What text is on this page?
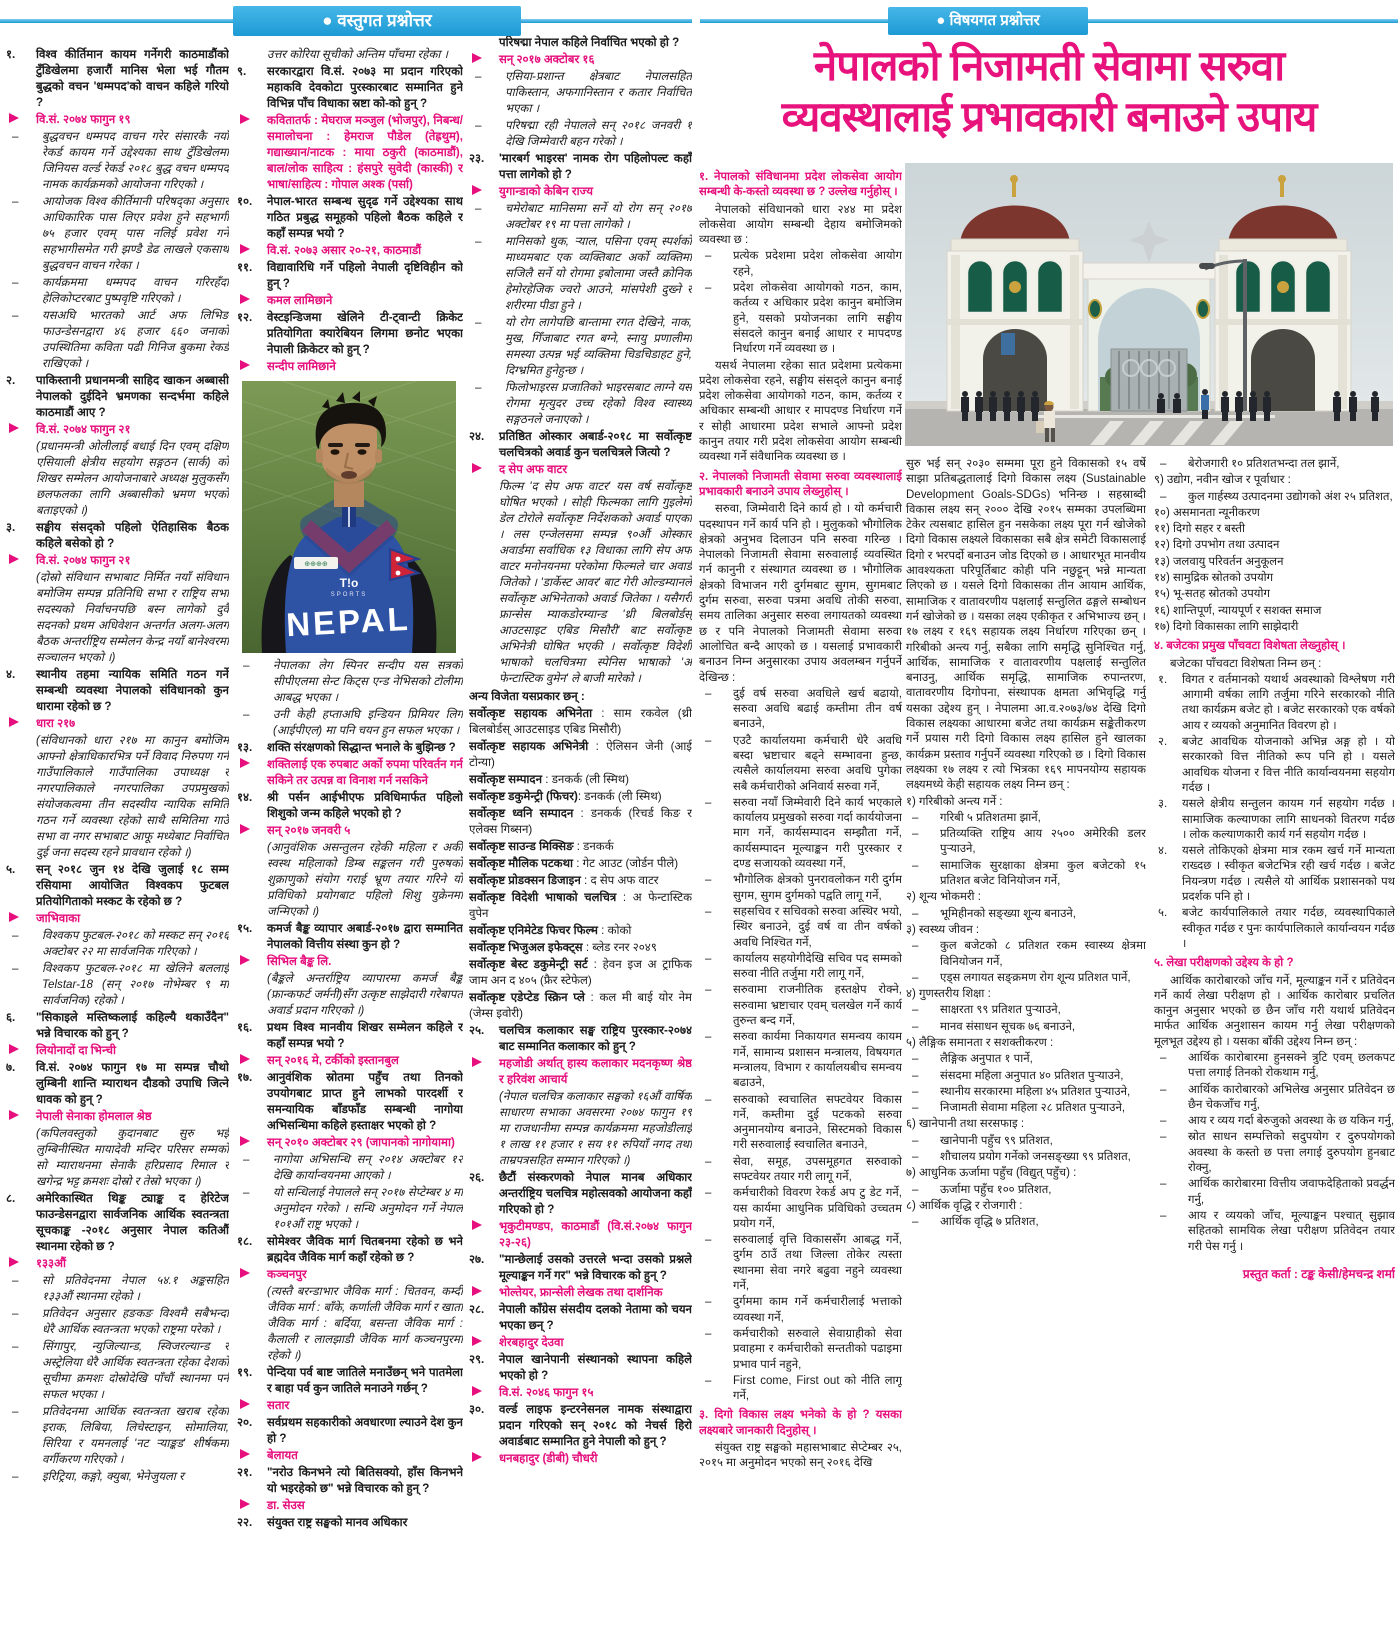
● वस्तुगत प्रश्नोत्तर
१.	विश्व कीर्तिमान कायम गर्नेगरी काठमाडौंको टुँडिखेलमा हजारौं मानिस भेला भई गौतम बुद्धको वचन 'धम्मपद'को वाचन कहिले गरियो ?
वि.सं. २०७४ फागुन १९
–	बुद्धवचन धम्मपद वाचन गरेर संसारकै नयाँ रेकर्ड कायम गर्ने उद्देश्यका साथ टुँडिखेलमा जिनियस वर्ल्ड रेकर्ड २०१८ बुद्ध वचन धम्मपद नामक कार्यक्रमको आयोजना गरिएको ।
–	आयोजक विश्व कीर्तिमानी परिषद्का अनुसार आधिकारिक पास लिएर प्रवेश हुने सहभागी ७५ हजार एवम् पास नलिई प्रवेश गर्ने सहभागीसमेत गरी झण्डै डेढ लाखले एकसाथ बुद्धवचन वाचन गरेका ।
–	कार्यक्रममा धम्मपद वाचन गरिरहँदा हेलिकोप्टरबाट पुष्पवृष्टि गरिएको ।
–	यसअघि भारतको आर्ट अफ लिभिङ फाउन्डेसनद्वारा ४६ हजार ६६० जनाको उपस्थितिमा कविता पढी गिनिज बुकमा रेकर्ड राखिएको ।
२.	पाकिस्तानी प्रधानमन्त्री साहिद खाकन अब्बासी नेपालको दुईदिने भ्रमणका सन्दर्भमा कहिले काठमाडौं आए ?
वि.सं. २०७४ फागुन २१
(प्रधानमन्त्री ओलीलाई बधाई दिन एवम् दक्षिण एसियाली क्षेत्रीय सहयोग सङ्गठन (सार्क) को शिखर सम्मेलन आयोजनाबारे अध्यक्ष मुलुकसँग छलफलका लागि अब्बासीको भ्रमण भएको बताइएको ।)
३.	सङ्घीय संसद्को पहिलो ऐतिहासिक बैठक कहिले बसेको हो ?
वि.सं. २०७४ फागुन २१
(दोस्रो संविधान सभाबाट निर्मित नयाँ संविधान बमोजिम सम्पन्न प्रतिनिधि सभा र राष्ट्रिय सभा सदस्यको निर्वाचनपछि बस्न लागेको दुवै सदनको प्रथम अधिवेशन अन्तर्गत अलग-अलग बैठक अन्तर्राष्ट्रिय सम्मेलन केन्द्र नयाँ बानेश्वरमा सञ्चालन भएको ।)
४.	स्थानीय तहमा न्यायिक समिति गठन गर्ने सम्बन्धी व्यवस्था नेपालको संविधानको कुन धारामा रहेको छ ?
धारा २१७
(संविधानको धारा २१७ मा कानुन बमोजिम आफ्नो क्षेत्राधिकारभित्र पर्ने विवाद निरुपण गर्न गाउँपालिकाले गाउँपालिका उपाध्यक्ष र नगरपालिकाले नगरपालिका उपप्रमुखको संयोजकत्वमा तीन सदस्यीय न्यायिक समिति गठन गर्ने व्यवस्था रहेको साथै समितिमा गाउँ सभा वा नगर सभाबाट आफू मध्येबाट निर्वाचित दुई जना सदस्य रहने प्रावधान रहेको ।)
५.	सन् २०१८ जुन १४ देखि जुलाई १८ सम्म रसियामा आयोजित विश्वकप फुटबल प्रतियोगिताको मस्कट के रहेको छ ?
जाभिवाका
–	विश्वकप फुटबल-२०१८ को मस्कट सन् २०१६ अक्टोबर २२ मा सार्वजनिक गरिएको ।
–	विश्वकप फुटबल-२०१८ मा खेलिने बललाई Telstar-18 (सन् २०१७ नोभेम्बर ९ मा सार्वजनिक) रहेको ।
६.	"सिकाइले मस्तिष्कलाई कहिल्यै थकाउँदैन" भन्ने विचारक को हुन् ?
लियोनादों दा भिन्ची
७.	वि.सं. २०७४ फागुन १७ मा सम्पन्न चौथो लुम्बिनी शान्ति म्याराथन दौडको उपाधि जित्ने धावक को हुन् ?
नेपाली सेनाका होमलाल श्रेष्ठ
(कपिलवस्तुको कुदानबाट सुरु भई लुम्बिनीस्थित मायादेवी मन्दिर परिसर सम्मको सो म्याराथनमा सेनाकै हरिप्रसाद रिमाल र खगेन्द्र भट्ट क्रमशः दोस्रो र तेस्रो भएका ।)
८.	अमेरिकास्थित थिङ्क ट्याङ्क द हेरिटेज फाउन्डेसनद्वारा सार्वजनिक आर्थिक स्वतन्त्रता सूचकाङ्क -२०१८ अनुसार नेपाल कतिऔं स्थानमा रहेको छ ?
१३३औं
–	सो प्रतिवेदनमा नेपाल ५४.१ अङ्कसहित १३३औं स्थानमा रहेको ।
–	प्रतिवेदन अनुसार हङकङ विश्वमै सबैभन्दा धेरै आर्थिक स्वतन्त्रता भएको राष्ट्रमा परेको ।
–	सिंगापुर, न्युजिल्यान्ड, स्विजरल्यान्ड र अस्ट्रेलिया धेरै आर्थिक स्वतन्त्रता रहेका देशको सूचीमा क्रमशः दोस्रोदेखि पाँचौं स्थानमा पर्न सफल भएका ।
–	प्रतिवेदनमा आर्थिक स्वतन्त्रता खराब रहेका इराक, लिबिया, लिचेस्टाइन, सोमालिया, सिरिया र यमनलाई 'नट र्‍याङ्कड' शीर्षकमा वर्गीकरण गरिएको ।
–	इरिट्रिया, कङ्गो, क्युबा, भेनेजुयला र
उत्तर कोरिया सूचीको अन्तिम पाँचमा रहेका ।
९.	सरकारद्वारा वि.सं. २०७३ मा प्रदान गरिएको महाकवि देवकोटा पुरस्कारबाट सम्मानित हुने विभिन्न पाँच विधाका स्रष्टा को-को हुन् ?
कवितातर्फ : मेघराज मञ्जुल (भोजपुर), निबन्ध/समालोचना : हेमराज पौडेल (तेह्रथुम), गद्याख्यान/नाटक : माया ठकुरी (काठमाडौं), बाल/लोक साहित्य : हंसपुरे सुवेदी (कास्की) र भाषा/साहित्य : गोपाल अश्क (पर्सा)
१०.	नेपाल-भारत सम्बन्ध सुदृढ गर्ने उद्देश्यका साथ गठित प्रबुद्ध समूहको पहिलो बैठक कहिले र कहाँ सम्पन्न भयो ?
वि.सं. २०७३ असार २०-२१, काठमाडौं
११.	विद्यावारिधि गर्ने पहिलो नेपाली दृष्टिविहीन को हुन् ?
कमल लामिछाने
१२.	वेस्टइन्डिजमा खेलिने टी-ट्वान्टी क्रिकेट प्रतियोगिता क्यारेबियन लिगमा छनोट भएका नेपाली क्रिकेटर को हुन् ?
सन्दीप लामिछाने
⊕⊕⊕⊕
T!o
SPORTS
NEPAL
–	नेपालका लेग स्पिनर सन्दीप यस सत्रको सीपीएलमा सेन्ट किट्स एन्ड नेभिसको टोलीमा आबद्ध भएका ।
–	उनी केही हप्ताअघि इन्डियन प्रिमियर लिग (आईपीएल) मा पनि चयन हुन सफल भएका ।
१३.	शक्ति संरक्षणको सिद्धान्त भनाले के बुझिन्छ ?
शक्तिलाई एक रुपबाट अर्को रुपमा परिवर्तन गर्न सकिने तर उत्पन्न वा विनाश गर्न नसकिने
१४.	श्री पर्सन आईभीएफ प्रविधिमार्फत पहिलो शिशुको जन्म कहिले भएको हो ?
सन् २०१७ जनवरी ५
(आनुवंशिक असन्तुलन रहेकी महिला र अर्की स्वस्थ महिलाको डिम्ब सङ्कलन गरी पुरुषको शुक्राणुको संयोग गराई भ्रूण तयार गरिने यो प्रविधिको प्रयोगबाट पहिलो शिशु युक्रेनमा जन्मिएको ।)
१५.	कमर्ज बैङ्क व्यापार अबार्ड-२०१७ द्वारा सम्मानित नेपालको वित्तीय संस्था कुन हो ?
सिभिल बैङ्क लि.
(बैङ्कले अन्तर्राष्ट्रिय व्यापारमा कमर्ज बैङ्क (फ्रान्कफर्ट जर्मनी)सँग उत्कृष्ट साझेदारी गरेबापत अवार्ड प्रदान गरिएको ।)
१६.	प्रथम विश्व मानवीय शिखर सम्मेलन कहिले र कहाँ सम्पन्न भयो ?
सन् २०१६ मे, टर्कीको इस्तानबुल
१७.	आनुवंशिक स्रोतमा पहुँच तथा तिनको उपयोगबाट प्राप्त हुने लाभको पारदर्शी र समन्यायिक बाँडफाँड सम्बन्धी नागोया अभिसन्धिमा कहिले हस्ताक्षर भएको हो ?
सन् २०१० अक्टोबर २९ (जापानको नागोयामा)
–	नागोया अभिसन्धि सन् २०१४ अक्टोबर १२ देखि कार्यान्वयनमा आएको ।
–	यो सन्धिलाई नेपालले सन् २०१७ सेप्टेम्बर ४ मा अनुमोदन गरेको । सन्धि अनुमोदन गर्ने नेपाल १०१औं राष्ट्र भएको ।
१८.	सोमेश्वर जैविक मार्ग चितबनमा रहेको छ भने ब्रह्मदेव जैविक मार्ग कहाँ रहेको छ ?
कञ्चनपुर
(त्यस्तै बरन्डाभार जैविक मार्ग : चितवन, कम्दी जैविक मार्ग : बाँके, कर्णाली जैविक मार्ग र खाता जैविक मार्ग : बर्दिया, बसन्ता जैविक मार्ग : कैलाली र लालझाडी जैविक मार्ग कञ्चनपुरमा रहेको ।)
१९.	पेन्दिया पर्व बाष्ट जातिले मनाउँछन् भने पातमेला र बाहा पर्व कुन जातिले मनाउने गर्छन् ?
सतार
२०.	सर्वप्रथम सहकारीको अवधारणा ल्याउने देश कुन हो ?
बेलायत
२१.	"नरोउ किनभने त्यो बितिसक्यो, हाँस किनभने यो भइरहेको छ" भन्ने विचारक को हुन् ?
डा. सेउस
२२.	संयुक्त राष्ट्र सङ्घको मानव अधिकार
परिषद्मा नेपाल कहिले निर्वाचित भएको हो ?
सन् २०१७ अक्टोबर १६
–	एसिया-प्रशान्त क्षेत्रबाट नेपालसहित पाकिस्तान, अफगानिस्तान र कतार निर्वाचित भएका ।
–	परिषद्मा रही नेपालले सन् २०१८ जनवरी १ देखि जिम्मेवारी बहन गरेको ।
२३.	'मारबर्ग भाइरस' नामक रोग पहिलोपल्ट कहाँ पत्ता लागेको हो ?
युगान्डाको केबिन राज्य
–	चमेरोबाट मानिसमा सर्ने यो रोग सन् २०१७ अक्टोबर १९ मा पत्ता लागेको ।
–	मानिसको थुक, र्‍याल, पसिना एवम् स्पर्शको माध्यमबाट एक व्यक्तिबाट अर्को व्यक्तिमा सजिलै सर्ने यो रोगमा इबोलामा जस्तै क्रोनिक हेमोरहेजिक ज्वरो आउने, मांसपेशी दुख्ने र शरीरमा पीडा हुने ।
–	यो रोग लागेपछि बान्तामा रगत देखिने, नाक, मुख, गिँजाबाट रगत बग्ने, स्नायु प्रणालीमा समस्या उत्पन्न भई व्यक्तिमा चिडचिडाहट हुने, दिग्भ्रमित हुनेहुन्छ ।
–	फिलोभाइरस प्रजातिको भाइरसबाट लाग्ने यस रोगमा मृत्युदर उच्च रहेको विश्व स्वास्थ्य सङ्गठनले जनाएको ।
२४.	प्रतिष्ठित ओस्कार अबार्ड-२०१८ मा सर्वोत्कृष्ट चलचित्रको अवार्ड कुन चलचित्रले जित्यो ?
द सेप अफ वाटर
फिल्म 'द सेप अफ वाटर' यस वर्ष सर्वोत्कृष्ट घोषित भएको । सोही फिल्मका लागि गुइलेर्मो डेल टोरोले सर्वोत्कृष्ट निर्देशकको अवार्ड पाएका । लस एन्जेलसमा सम्पन्न ९०औं ओस्कार अवार्डमा सर्वाधिक १३ विधाका लागि सेप अफ वाटर मनोनयनमा परेकोमा फिल्मले चार अवार्ड जितेको । 'डार्केस्ट आवर' बाट गेरी ओल्डम्यानले सर्वोत्कृष्ट अभिनेताको अवार्ड जितेका । यसैगरी फ्रान्सेस म्याकडोरम्यान्ड 'थ्री बिलबोर्डस् आउटसाइट एबिड मिसौरी' बाट सर्वोत्कृष्ट अभिनेत्री घोषित भएकी । सर्वोत्कृष्ट विदेशी भाषाको चलचित्रमा स्पेनिस भाषाको 'अ फेन्टास्टिक वुमेन' ले बाजी मारेको ।
अन्य विजेता यसप्रकार छन् :
सर्वोत्कृष्ट सहायक अभिनेता : साम रकवेल (थ्री बिलबोर्डस् आउटसाइड एबिड मिसौरी)
सर्वोत्कृष्ट सहायक अभिनेत्री : ऐलिसन जेनी (आई टोन्या)
सर्वोत्कृष्ट सम्पादन : डनकर्क (ली स्मिथ)
सर्वोत्कृष्ट डकुमेन्ट्री (फिचर): डनकर्क (ली स्मिथ)
सर्वोत्कृष्ट ध्वनि सम्पादन : डनकर्क (रिचर्ड किङ र एलेक्स गिब्सन)
सर्वोत्कृष्ट साउन्ड मिक्सिङ : डनकर्क
सर्वोत्कृष्ट मौलिक पटकथा : गेट आउट (जोर्डन पीले)
सर्वोत्कृष्ट प्रोडक्सन डिजाइन : द सेप अफ वाटर
सर्वोत्कृष्ट विदेशी भाषाको चलचित्र : अ फेन्टास्टिक वुपेन
सर्वोत्कृष्ट एनिमेटेड फिचर फिल्म : कोको
सर्वोत्कृष्ट भिजुअल इफेक्ट्स : ब्लेड रनर २०४९
सर्वोत्कृष्ट बेस्ट डकुमेन्ट्री सर्ट : हेवन इज अ ट्राफिक जाम अन द ४०५ (फ्रैर स्टेफेल)
सर्वोत्कृष्ट एडेप्टेड स्क्रिन प्ले : कल मी बाई योर नेम (जेम्स इवोरी)
२५.	चलचित्र कलाकार सङ्घ राष्ट्रिय पुरस्कार-२०७४ बाट सम्मानित कलाकार को हुन् ?
महजोडी अर्थात् हास्य कलाकार मदनकृष्ण श्रेष्ठ र हरिवंश आचार्य
(नेपाल चलचित्र कलाकार सङ्घको १६औं वार्षिक साधारण सभाका अवसरमा २०७४ फागुन १९ मा राजधानीमा सम्पन्न कार्यक्रममा महजोडीलाई १ लाख ११ हजार १ सय ११ रुपियाँ नगद तथा ताम्रपत्रसहित सम्मान गरिएको ।)
२६.	छैटौं संस्करणको नेपाल मानब अधिकार अन्तर्राष्ट्रिय चलचित्र महोत्सवको आयोजना कहाँ गरिएको हो ?
भृकुटीमण्डप, काठमाडौं (वि.सं.२०७४ फागुन २३-२६)
२७.	"मान्छेलाई उसको उत्तरले भन्दा उसको प्रश्नले मूल्याङ्कन गर्ने गर" भन्ने विचारक को हुन् ?
भोल्तेयर, फ्रान्सेली लेखक तथा दार्शनिक
२८.	नेपाली काँग्रेस संसदीय दलको नेतामा को चयन भएका छन् ?
शेरबहादुर देउवा
२९.	नेपाल खानेपानी संस्थानको स्थापना कहिले भएको हो ?
वि.सं. २०४६ फागुन १५
३०.	वर्ल्ड लाइफ इन्टरनेसनल नामक संस्थाद्वारा प्रदान गरिएको सन् २०१८ को नेचर्स हिरो अवार्डबाट सम्मानित हुने नेपाली को हुन् ?
धनबहादुर (डीबी) चौधरी
● विषयगत प्रश्नोत्तर
नेपालको निजामती सेवामा सरुवा
व्यवस्थालाई प्रभावकारी बनाउने उपाय
१. नेपालको संविधानमा प्रदेश लोकसेवा आयोग सम्बन्धी के-कस्तो व्यवस्था छ ? उल्लेख गर्नुहोस् ।
नेपालको संविधानको धारा २४४ मा प्रदेश लोकसेवा आयोग सम्बन्धी देहाय बमोजिमको व्यवस्था छ :
–	प्रत्येक प्रदेशमा प्रदेश लोकसेवा आयोग रहने,
–	प्रदेश लोकसेवा आयोगको गठन, काम, कर्तव्य र अधिकार प्रदेश कानुन बमोजिम हुने, यसको प्रयोजनका लागि सङ्घीय संसदले कानुन बनाई आधार र मापदण्ड निर्धारण गर्ने व्यवस्था छ ।
यसर्थ नेपालमा रहेका सात प्रदेशमा प्रत्येकमा प्रदेश लोकसेवा रहने, सङ्घीय संसद्ले कानुन बनाई प्रदेश लोकसेवा आयोगको गठन, काम, कर्तव्य र अधिकार सम्बन्धी आधार र मापदण्ड निर्धारण गर्ने र सोही आधारमा प्रदेश सभाले आफ्नो प्रदेश कानुन तयार गरी प्रदेश लोकसेवा आयोग सम्बन्धी व्यवस्था गर्ने संवैधानिक व्यवस्था छ ।
२. नेपालको निजामती सेवामा सरुवा व्यवस्थालाई प्रभावकारी बनाउने उपाय लेख्नुहोस् ।
सरुवा, जिम्मेवारी दिने कार्य हो । यो कर्मचारी पदस्थापन गर्ने कार्य पनि हो । मुलुकको भौगोलिक क्षेत्रको अनुभव दिलाउन पनि सरुवा गरिन्छ । नेपालको निजामती सेवामा सरुवालाई व्यवस्थित गर्न कानुनी र संस्थागत व्यवस्था छ । भौगोलिक क्षेत्रको विभाजन गरी दुर्गमबाट सुगम, सुगमबाट दुर्गम सरुवा, सरुवा पत्रमा अवधि तोकी सरुवा, समय तालिका अनुसार सरुवा लगायतको व्यवस्था छ र पनि नेपालको निजामती सेवामा सरुवा आलोचित बन्दै आएको छ । यसलाई प्रभावकारी बनाउन निम्न अनुसारका उपाय अवलम्बन गर्नुपर्ने देखिन्छ :
–	दुई वर्ष सरुवा अवधिले खर्च बढायो, सरुवा अवधि बढाई कम्तीमा तीन वर्ष बनाउने,
–	एउटै कार्यालयमा कर्मचारी धेरै अवधि बस्दा भ्रष्टाचार बढ्ने सम्भावना हुन्छ, त्यसैले कार्यालयमा सरुवा अवधि पुगेका सबै कर्मचारीको अनिवार्य सरुवा गर्ने,
–	सरुवा नयाँ जिम्मेवारी दिने कार्य भएकाले कार्यालय प्रमुखको सरुवा गर्दा कार्ययोजना माग गर्ने, कार्यसम्पादन सम्झौता गर्ने, कार्यसम्पादन मूल्याङ्कन गरी पुरस्कार र दण्ड सजायको व्यवस्था गर्ने,
–	भौगोलिक क्षेत्रको पुनरावलोकन गरी दुर्गम सुगम, सुगम दुर्गमको पद्वति लागू गर्ने,
–	सहसचिव र सचिवको सरुवा अस्थिर भयो, स्थिर बनाउने, दुई वर्ष वा तीन वर्षको अवधि निश्चित गर्ने,
–	कार्यालय सहयोगीदेखि सचिव पद सम्मको सरुवा नीति तर्जुमा गरी लागू गर्ने,
–	सरुवामा राजनीतिक हस्तक्षेप रोक्ने, सरुवामा भ्रष्टाचार एवम् चलखेल गर्ने कार्य तुरुन्त बन्द गर्ने,
–	सरुवा कार्यमा निकायगत समन्वय कायम गर्ने, सामान्य प्रशासन मन्त्रालय, विषयगत मन्त्रालय, विभाग र कार्यालयबीच समन्वय बढाउने,
–	सरुवाको स्वचालित सफ्टवेयर विकास गर्ने, कम्तीमा दुई पटकको सरुवा अनुमानयोग्य बनाउने, सिस्टमको विकास गरी सरुवालाई स्वचालित बनाउने,
–	सेवा, समूह, उपसमूहगत सरुवाको सफ्टवेयर तयार गरी लागू गर्ने,
–	कर्मचारीको विवरण रेकर्ड अप टु डेट गर्ने, यस कार्यमा आधुनिक प्रविधिको उच्चतम प्रयोग गर्ने,
–	सरुवालाई वृत्ति विकाससँग आबद्ध गर्ने, दुर्गम ठाउँ तथा जिल्ला तोकेर त्यस्ता स्थानमा सेवा नगरे बढुवा नहुने व्यवस्था गर्ने,
–	दुर्गममा काम गर्ने कर्मचारीलाई भत्ताको व्यवस्था गर्ने,
–	कर्मचारीको सरुवाले सेवाग्राहीको सेवा प्रवाहमा र कर्मचारीको सन्ततीको पढाइमा प्रभाव पार्न नहुने,
–	First come, First out को नीति लागू गर्ने,
३. दिगो विकास लक्ष्य भनेको के हो ? यसका लक्ष्यबारे जानकारी दिनुहोस् ।
संयुक्त राष्ट्र सङ्घको महासभाबाट सेप्टेम्बर २५, २०१५ मा अनुमोदन भएको सन् २०१६ देखि
सुरु भई सन् २०३० सम्ममा पूरा हुने विकासको १५ वर्षे साझा प्रतिबद्धतालाई दिगो विकास लक्ष्य (Sustainable Development Goals-SDGs) भनिन्छ । सहस्राब्दी विकास लक्ष्य सन् २००० देखि २०१५ सम्मका उपलब्धिमा टेकेर त्यसबाट हासिल हुन नसकेका लक्ष्य पूरा गर्न खोजेको दिगो विकास लक्ष्यले विकासका सबै क्षेत्र समेटी विकासलाई दिगो र भरपर्दो बनाउन जोड दिएको छ । आधारभूत मानवीय आवश्यकता परिपूर्तिबाट कोही पनि नछुट्टून् भन्ने मान्यता लिएको छ । यसले दिगो विकासका तीन आयाम आर्थिक, सामाजिक र वातावरणीय पक्षलाई सन्तुलित ढङ्गले सम्बोधन गर्न खोजेको छ । यसका लक्ष्य एकीकृत र अभिभाज्य छन् । १७ लक्ष्य र १६९ सहायक लक्ष्य निर्धारण गरिएका छन् । गरिबीको अन्त्य गर्नु, सबैका लागि समृद्धि सुनिश्चित गर्नु, आर्थिक, सामाजिक र वातावरणीय पक्षलाई सन्तुलित बनाउनु, आर्थिक समृद्धि, सामाजिक रुपान्तरण, वातावरणीय दिगोपना, संस्थापक क्षमता अभिवृद्धि गर्नु यसका उद्देश्य हुन् । नेपालमा आ.व.२०७३/७४ देखि दिगो विकास लक्ष्यका आधारमा बजेट तथा कार्यक्रम सङ्केतीकरण गर्ने प्रयास गरी दिगो विकास लक्ष्य हासिल हुने खालका कार्यक्रम प्रस्ताव गर्नुपर्ने व्यवस्था गरिएको छ । दिगो विकास लक्ष्यका १७ लक्ष्य र त्यो भित्रका १६९ मापनयोग्य सहायक लक्ष्यमध्ये केही सहायक लक्ष्य निम्न छन् :
१) गरिबीको अन्त्य गर्ने :
–	गरिबी ५ प्रतिशतमा झार्ने,
–	प्रतिव्यक्ति राष्ट्रिय आय २५०० अमेरिकी डलर पुर्‍याउने,
–	सामाजिक सुरक्षाका क्षेत्रमा कुल बजेटको १५ प्रतिशत बजेट विनियोजन गर्ने,
२) शून्य भोकमरी :
–	भूमिहीनको सङ्ख्या शून्य बनाउने,
३) स्वस्थ्य जीवन :
–	कुल बजेटको ८ प्रतिशत रकम स्वास्थ्य क्षेत्रमा विनियोजन गर्ने,
–	एड्स लगायत सङ्क्रमण रोग शून्य प्रतिशत पार्ने,
४) गुणस्तरीय शिक्षा :
–	साक्षरता ९९ प्रतिशत पुर्‍याउने,
–	मानव संसाधन सूचक ७६ बनाउने,
५) लैङ्गिक समानता र सशक्तीकरण :
–	लैङ्गिक अनुपात १ पार्ने,
–	संसदमा महिला अनुपात ४० प्रतिशत पुर्‍याउने,
–	स्थानीय सरकारमा महिला ४५ प्रतिशत पुर्‍याउने,
–	निजामती सेवामा महिला २८ प्रतिशत पुर्‍याउने,
६) खानेपानी तथा सरसफाइ :
–	खानेपानी पहुँच ९९ प्रतिशत,
–	शौचालय प्रयोग गर्नेको जनसङ्ख्या ९९ प्रतिशत,
७) आधुनिक ऊर्जामा पहुँच (विद्युत् पहुँच) :
–	ऊर्जामा पहुँच १०० प्रतिशत,
८) आर्थिक वृद्धि र रोजगारी :
–	आर्थिक वृद्धि ७ प्रतिशत,
–	बेरोजगारी १० प्रतिशतभन्दा तल झार्ने,
९) उद्योग, नवीन खोज र पूर्वाधार :
–	कुल गार्हस्थ्य उत्पादनमा उद्योगको अंश २५ प्रतिशत,
१०) असमानता न्यूनीकरण
११) दिगो सहर र बस्ती
१२) दिगो उपभोग तथा उत्पादन
१३) जलवायु परिवर्तन अनुकूलन
१४) सामुद्रिक स्रोतको उपयोग
१५) भू-सतह स्रोतको उपयोग
१६) शान्तिपूर्ण, न्यायपूर्ण र सशक्त समाज
१७) दिगो विकासका लागि साझेदारी
४. बजेटका प्रमुख पाँचवटा विशेषता लेख्नुहोस् ।
बजेटका पाँचवटा विशेषता निम्न छन् :
१.	विगत र वर्तमानको यथार्थ अवस्थाको विश्लेषण गरी आगामी वर्षका लागि तर्जुमा गरिने सरकारको नीति तथा कार्यक्रम बजेट हो । बजेट सरकारको एक वर्षको आय र व्ययको अनुमानित विवरण हो ।
२.	बजेट आवधिक योजनाको अभिन्न अङ्ग हो । यो सरकारको वित्त नीतिको रूप पनि हो । यसले आवधिक योजना र वित्त नीति कार्यान्वयनमा सहयोग गर्दछ ।
३.	यसले क्षेत्रीय सन्तुलन कायम गर्न सहयोग गर्दछ । सामाजिक कल्याणका लागि साधनको वितरण गर्दछ । लोक कल्याणकारी कार्य गर्न सहयोग गर्दछ ।
४.	यसले तोकिएको क्षेत्रमा मात्र रकम खर्च गर्ने मान्यता राख्दछ । स्वीकृत बजेटभित्र रही खर्च गर्दछ । बजेट नियन्त्रण गर्दछ । त्यसैले यो आर्थिक प्रशासनको पथ प्रदर्शक पनि हो ।
५.	बजेट कार्यपालिकाले तयार गर्दछ, व्यवस्थापिकाले स्वीकृत गर्दछ र पुनः कार्यपालिकाले कार्यान्वयन गर्दछ ।
५. लेखा परीक्षणको उद्देश्य के हो ?
आर्थिक कारोबारको जाँच गर्ने, मूल्याङ्कन गर्ने र प्रतिवेदन गर्ने कार्य लेखा परीक्षण हो । आर्थिक कारोबार प्रचलित कानुन अनुसार भएको छ छैन जाँच गरी यथार्थ प्रतिवेदन मार्फत आर्थिक अनुशासन कायम गर्नु लेखा परीक्षणको मूलभूत उद्देश्य हो । यसका बाँकी उद्देश्य निम्न छन् :
–	आर्थिक कारोबारमा हुनसक्ने त्रुटि एवम् छलकपट पत्ता लगाई तिनको रोकथाम गर्नु,
–	आर्थिक कारोबारको अभिलेख अनुसार प्रतिवेदन छ छैन चेकजाँच गर्नु,
–	आय र व्यय गर्दा बेरुजुको अवस्था के छ यकिन गर्नु,
–	स्रोत साधन सम्पत्तिको सदुपयोग र दुरुपयोगको अवस्था के कस्तो छ पत्ता लगाई दुरुपयोग हुनबाट रोक्नु,
–	आर्थिक कारोबारमा वित्तीय जवाफदेहिताको प्रवर्द्धन गर्नु,
–	आय र व्ययको जाँच, मूल्याङ्कन पश्चात् सुझाव सहितको सामयिक लेखा परीक्षण प्रतिवेदन तयार गरी पेस गर्नु ।
प्रस्तुत कर्ता : टङ्क केसी/हेमचन्द्र शर्मा
